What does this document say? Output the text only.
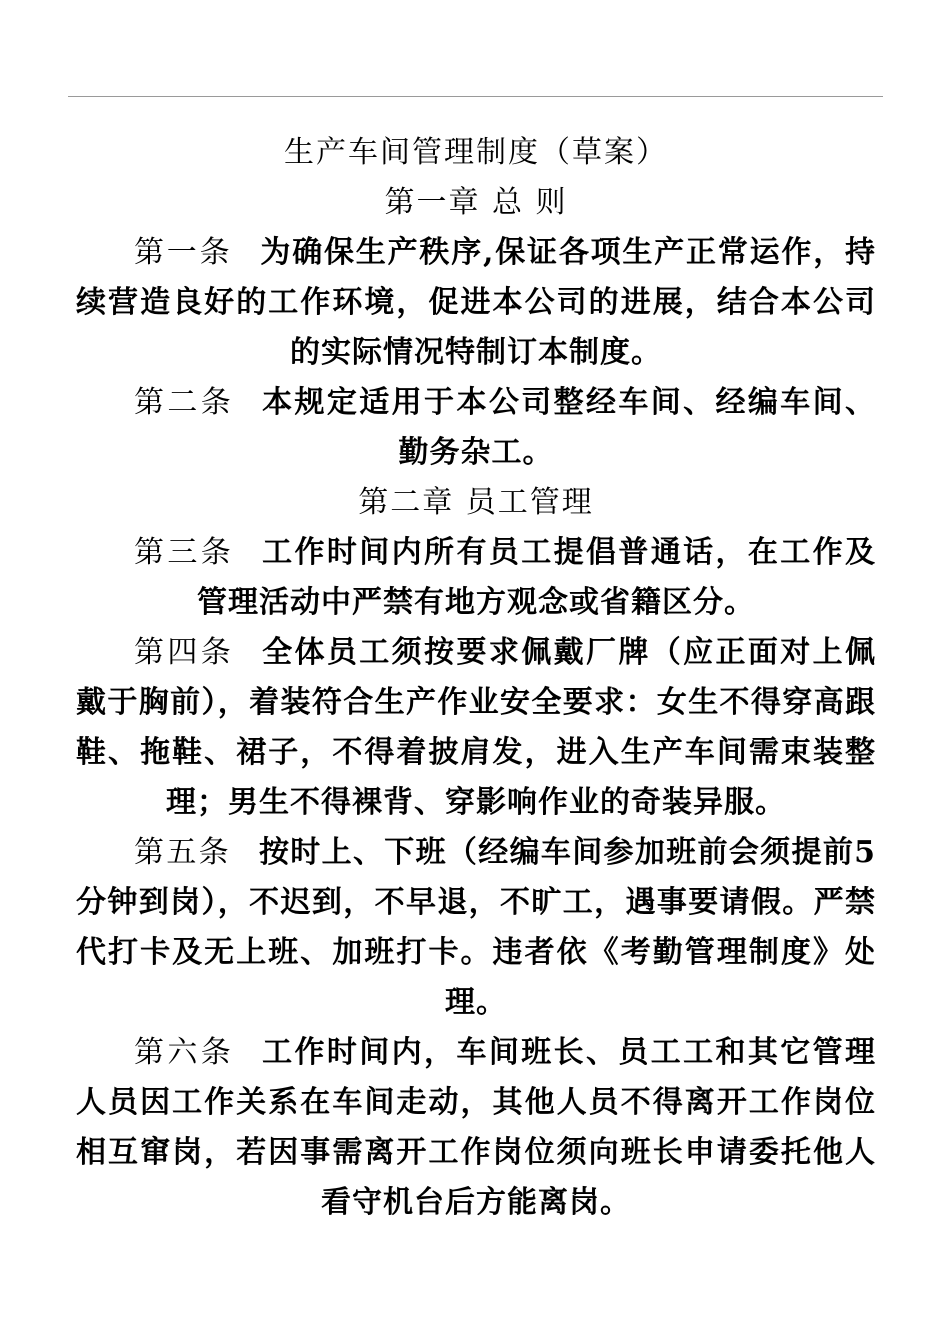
生产车间管理制度（草案）
第一章 总 则

第一条 为确保生产秩序,保证各项生产正常运作，持续营造良好的工作环境，促进本公司的进展，结合本公司的实际情况特制订本制度。

第二条 本规定适用于本公司整经车间、经编车间、勤务杂工。

第二章 员工管理

第三条 工作时间内所有员工提倡普通话，在工作及管理活动中严禁有地方观念或省籍区分。

第四条 全体员工须按要求佩戴厂牌（应正面对上佩戴于胸前），着装符合生产作业安全要求：女生不得穿高跟鞋、拖鞋、裙子，不得着披肩发，进入生产车间需束装整理；男生不得裸背、穿影响作业的奇装异服。

第五条 按时上、下班（经编车间参加班前会须提前5分钟到岗），不迟到，不早退，不旷工，遇事要请假。严禁代打卡及无上班、加班打卡。违者依《考勤管理制度》处理。

第六条 工作时间内，车间班长、员工工和其它管理人员因工作关系在车间走动，其他人员不得离开工作岗位相互窜岗，若因事需离开工作岗位须向班长申请委托他人看守机台后方能离岗。
